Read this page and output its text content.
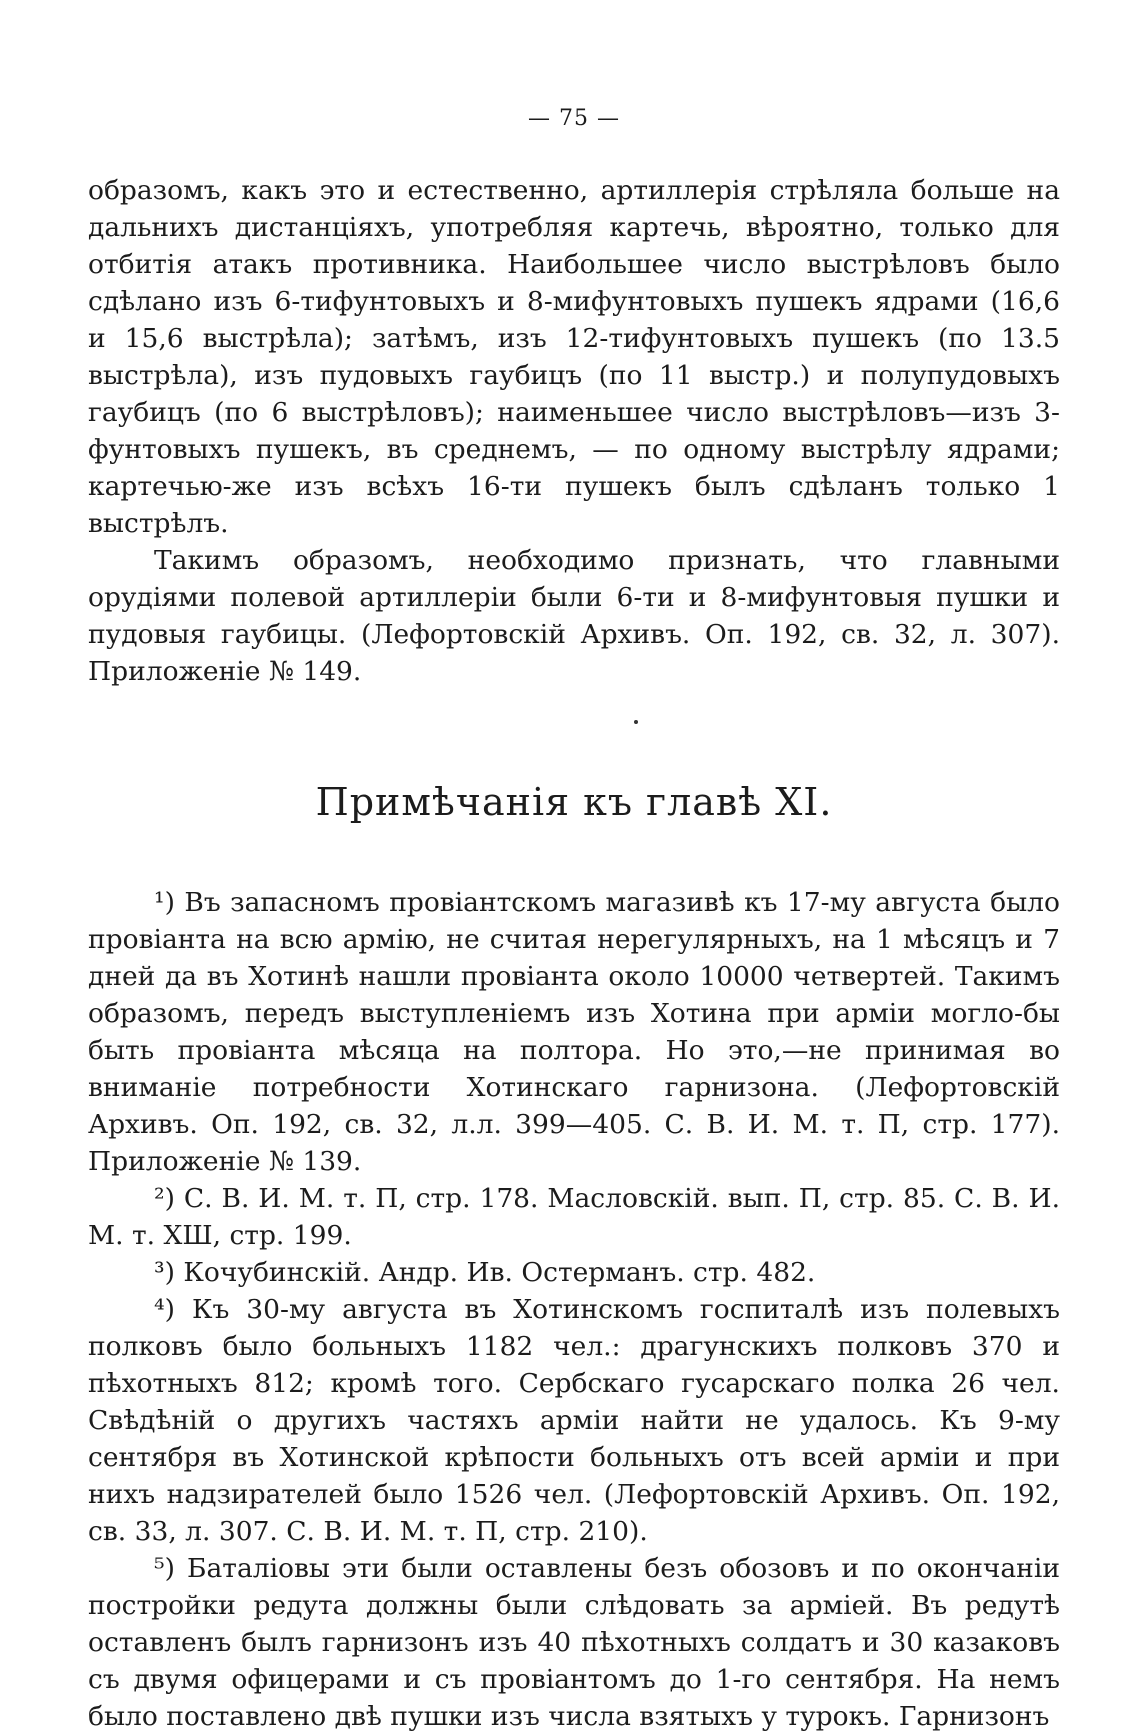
— 75 —

образомъ, какъ это и естественно, артиллерія стрѣляла больше на дальнихъ дистанціяхъ, употребляя картечь, вѣроятно, только для отбитія атакъ противника. Наибольшее число выстрѣловъ было сдѣлано изъ 6-тифунтовыхъ и 8-мифунтовыхъ пушекъ ядрами (16,6 и 15,6 выстрѣла); затѣмъ, изъ 12-тифунтовыхъ пушекъ (по 13.5 выстрѣла), изъ пудовыхъ гаубицъ (по 11 выстр.) и полупудовыхъ гаубицъ (по 6 выстрѣловъ); наименьшее число выстрѣловъ—изъ 3-фунтовыхъ пушекъ, въ среднемъ, — по одному выстрѣлу ядрами; картечью-же изъ всѣхъ 16-ти пушекъ былъ сдѣланъ только 1 выстрѣлъ.

Такимъ образомъ, необходимо признать, что главными орудіями полевой артиллеріи были 6-ти и 8-мифунтовыя пушки и пудовыя гаубицы. (Лефортовскій Архивъ. Оп. 192, св. 32, л. 307). Приложеніе № 149.

Примѣчанія къ главѣ XI.

¹) Въ запасномъ провіантскомъ магазивѣ къ 17-му августа было провіанта на всю армію, не считая нерегулярныхъ, на 1 мѣсяцъ и 7 дней да въ Хотинѣ нашли провіанта около 10000 четвертей. Такимъ образомъ, передъ выступленіемъ изъ Хотина при арміи могло-бы быть провіанта мѣсяца на полтора. Но это,—не принимая во вниманіе потребности Хотинскаго гарнизона. (Лефортовскій Архивъ. Оп. 192, св. 32, л.л. 399—405. С. В. И. М. т. П, стр. 177). Приложеніе № 139.

²) С. В. И. М. т. П, стр. 178. Масловскій. вып. П, стр. 85. С. В. И. М. т. XШ, стр. 199.

³) Кочубинскій. Андр. Ив. Остерманъ. стр. 482.

⁴) Къ 30-му августа въ Хотинскомъ госпиталѣ изъ полевыхъ полковъ было больныхъ 1182 чел.: драгунскихъ полковъ 370 и пѣхотныхъ 812; кромѣ того. Сербскаго гусарскаго полка 26 чел. Свѣдѣній о другихъ частяхъ арміи найти не удалось. Къ 9-му сентября въ Хотинской крѣпости больныхъ отъ всей арміи и при нихъ надзирателей было 1526 чел. (Лефортовскій Архивъ. Оп. 192, св. 33, л. 307. С. В. И. М. т. П, стр. 210).

⁵) Баталіовы эти были оставлены безъ обозовъ и по окончаніи постройки редута должны были слѣдовать за арміей. Въ редутѣ оставленъ былъ гарнизонъ изъ 40 пѣхотныхъ солдатъ и 30 казаковъ съ двумя офицерами и съ провіантомъ до 1-го сентября. На немъ было поставлено двѣ пушки изъ числа взятыхъ у турокъ. Гарнизонъ
